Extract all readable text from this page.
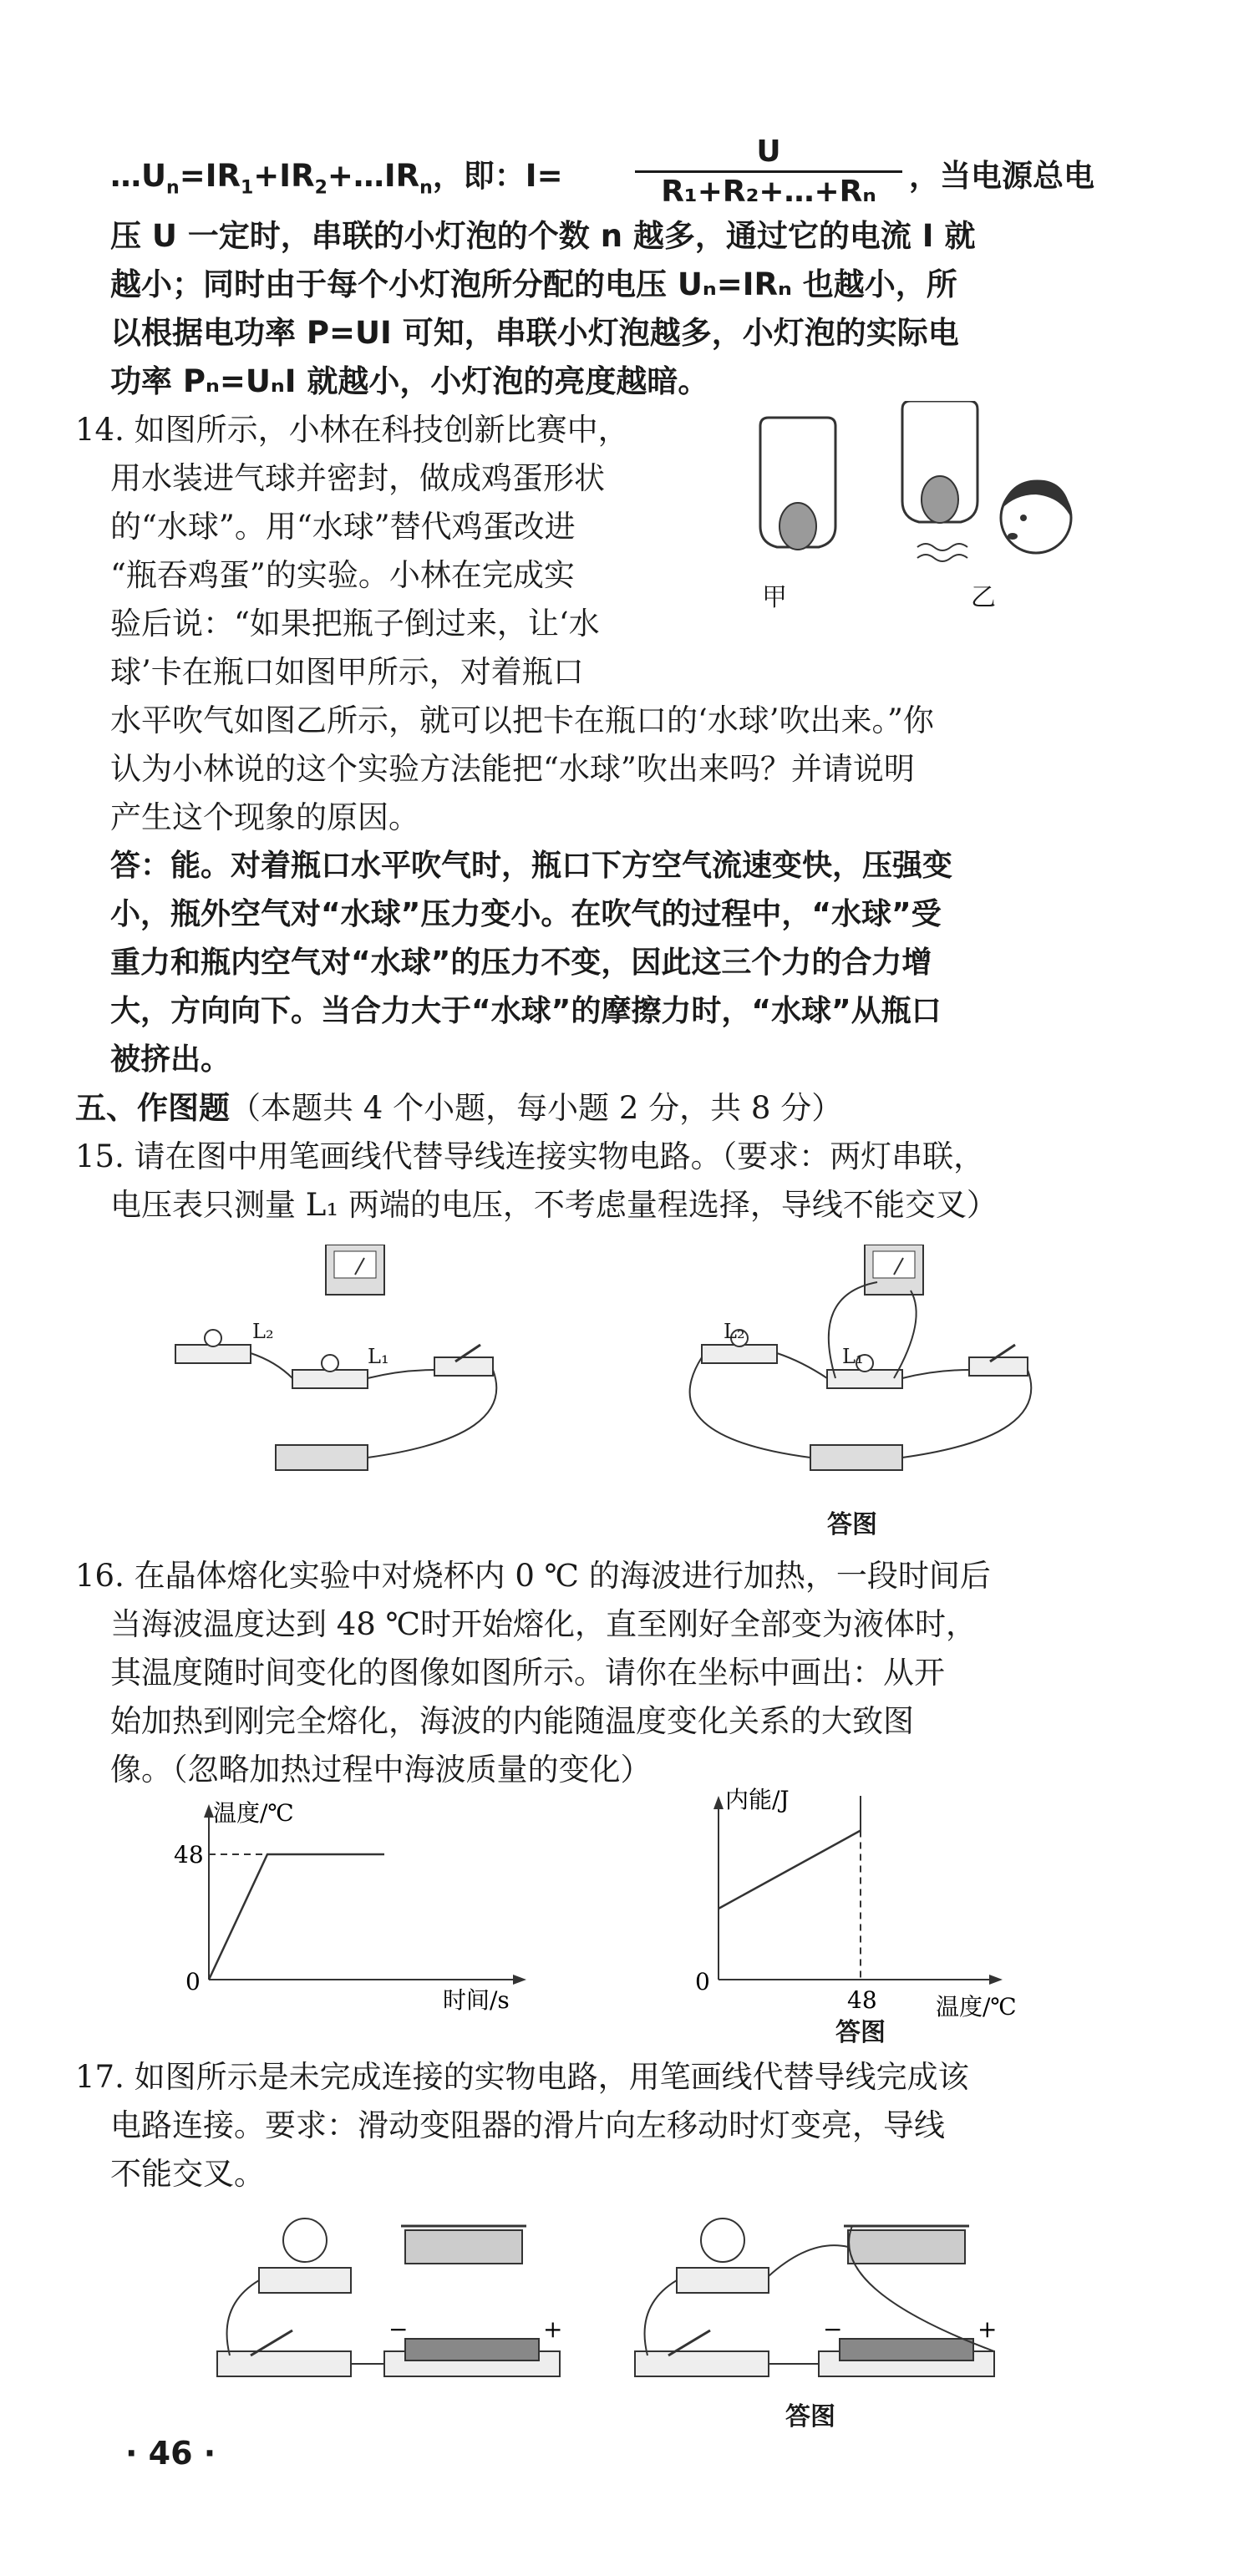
$\dots U_n=IR_1+IR_2+\dots IR_n$，即：$I= \frac{U}{\text{R₁+R₂+…+Rₙ}}$ ，当电源总电
压 U 一定时，串联的小灯泡的个数 n 越多，通过它的电流 I 就
越小；同时由于每个小灯泡所分配的电压 Uₙ=IRₙ 也越小，所
以根据电功率 P=UI 可知，串联小灯泡越多，小灯泡的实际电
功率 Pₙ=UₙI 就越小，小灯泡的亮度越暗。
14. 如图所示，小林在科技创新比赛中，
用水装进气球并密封，做成鸡蛋形状
的“水球”。用“水球”替代鸡蛋改进
“瓶吞鸡蛋”的实验。小林在完成实
验后说：“如果把瓶子倒过来，让‘水
球’卡在瓶口如图甲所示，对着瓶口
水平吹气如图乙所示，就可以把卡在瓶口的‘水球’吹出来。”你
认为小林说的这个实验方法能把“水球”吹出来吗？并请说明
产生这个现象的原因。
甲	乙
答：能。对着瓶口水平吹气时，瓶口下方空气流速变快，压强变
小，瓶外空气对“水球”压力变小。在吹气的过程中，“水球”受
重力和瓶内空气对“水球”的压力不变，因此这三个力的合力增
大，方向向下。当合力大于“水球”的摩擦力时，“水球”从瓶口
被挤出。
五、作图题（本题共 4 个小题，每小题 2 分，共 8 分）
15. 请在图中用笔画线代替导线连接实物电路。（要求：两灯串联，
电压表只测量 L₁ 两端的电压，不考虑量程选择，导线不能交叉）
L₂
L₁
L₂
L₁
答图
16. 在晶体熔化实验中对烧杯内 0 ℃ 的海波进行加热，一段时间后
当海波温度达到 48 ℃时开始熔化，直至刚好全部变为液体时，
其温度随时间变化的图像如图所示。请你在坐标中画出：从开
始加热到刚完全熔化，海波的内能随温度变化关系的大致图
像。（忽略加热过程中海波质量的变化）
温度/℃
时间/s
48
0
内能/J
温度/℃
48
0
答图
17. 如图所示是未完成连接的实物电路，用笔画线代替导线完成该
电路连接。要求：滑动变阻器的滑片向左移动时灯变亮，导线
不能交叉。
−	+	−	+
答图
· 46 ·
